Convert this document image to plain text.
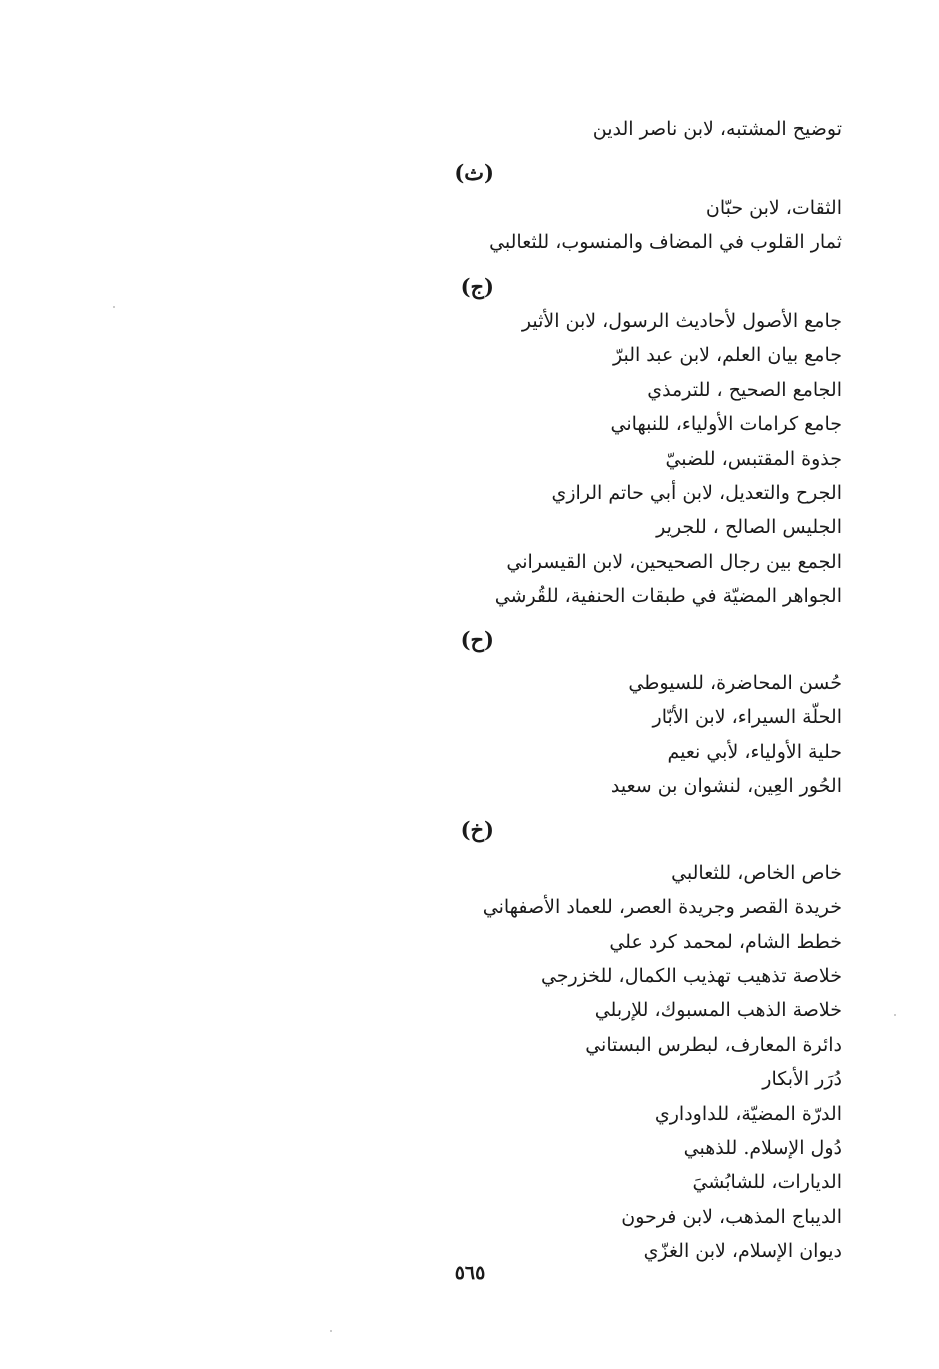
توضيح المشتبه، لابن ناصر الدين
(ث)
الثقات، لابن حبّان
ثمار القلوب في المضاف والمنسوب، للثعالبي
(ج)
جامع الأصول لأحاديث الرسول، لابن الأثير
جامع بيان العلم، لابن عبد البرّ
الجامع الصحيح ، للترمذي
جامع كرامات الأولياء، للنبهاني
جذوة المقتبس، للضبيّ
الجرح والتعديل، لابن أبي حاتم الرازي
الجليس الصالح ، للجرير
الجمع بين رجال الصحيحين، لابن القيسراني
الجواهر المضيّة في طبقات الحنفية، للقُرشي
(ح)
حُسن المحاضرة، للسيوطي
الحلّة السيراء، لابن الأبّار
حلية الأولياء، لأبي نعيم
الحُور العِين، لنشوان بن سعيد
(خ)
خاص الخاص، للثعالبي
خريدة القصر وجريدة العصر، للعماد الأصفهاني
خطط الشام، لمحمد كرد علي
خلاصة تذهيب تهذيب الكمال، للخزرجي
خلاصة الذهب المسبوك، للإربلي
دائرة المعارف، لبطرس البستاني
دُرَر الأبكار
الدرّة المضيّة، للداوداري
دُول الإسلام. للذهبي
الديارات، للشابُشيَ
الديباج المذهب، لابن فرحون
ديوان الإسلام، لابن الغزّي
٥٦٥
